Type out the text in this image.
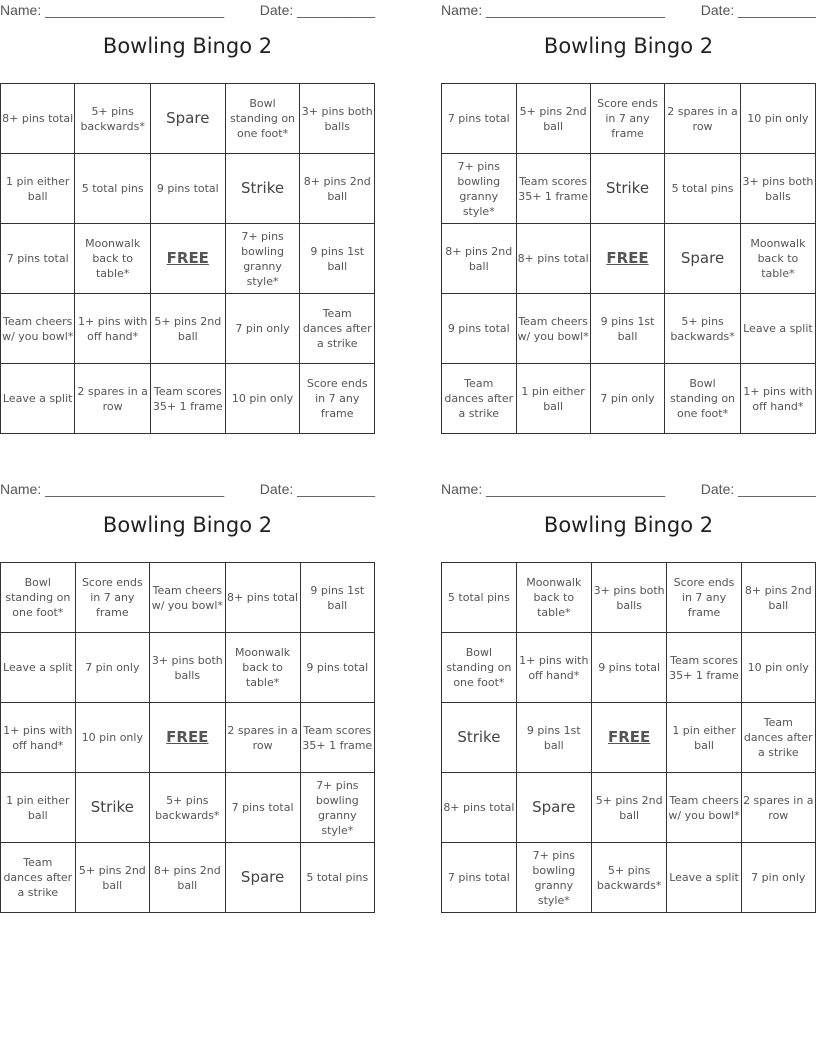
Name: _______________________	Date: __________
Bowling Bingo 2
8+ pins total	5+ pins backwards*	Spare	Bowl standing on one foot*	3+ pins both balls
1 pin either ball	5 total pins	9 pins total	Strike	8+ pins 2nd ball
7 pins total	Moonwalk back to table*	FREE	7+ pins bowling granny style*	9 pins 1st ball
Team cheers w/ you bowl*	1+ pins with off hand*	5+ pins 2nd ball	7 pin only	Team dances after a strike
Leave a split	2 spares in a row	Team scores 35+ 1 frame	10 pin only	Score ends in 7 any frame
Name: _______________________	Date: __________
Bowling Bingo 2
7 pins total	5+ pins 2nd ball	Score ends in 7 any frame	2 spares in a row	10 pin only
7+ pins bowling granny style*	Team scores 35+ 1 frame	Strike	5 total pins	3+ pins both balls
8+ pins 2nd ball	8+ pins total	FREE	Spare	Moonwalk back to table*
9 pins total	Team cheers w/ you bowl*	9 pins 1st ball	5+ pins backwards*	Leave a split
Team dances after a strike	1 pin either ball	7 pin only	Bowl standing on one foot*	1+ pins with off hand*
Name: _______________________	Date: __________
Bowling Bingo 2
Bowl standing on one foot*	Score ends in 7 any frame	Team cheers w/ you bowl*	8+ pins total	9 pins 1st ball
Leave a split	7 pin only	3+ pins both balls	Moonwalk back to table*	9 pins total
1+ pins with off hand*	10 pin only	FREE	2 spares in a row	Team scores 35+ 1 frame
1 pin either ball	Strike	5+ pins backwards*	7 pins total	7+ pins bowling granny style*
Team dances after a strike	5+ pins 2nd ball	8+ pins 2nd ball	Spare	5 total pins
Name: _______________________	Date: __________
Bowling Bingo 2
5 total pins	Moonwalk back to table*	3+ pins both balls	Score ends in 7 any frame	8+ pins 2nd ball
Bowl standing on one foot*	1+ pins with off hand*	9 pins total	Team scores 35+ 1 frame	10 pin only
Strike	9 pins 1st ball	FREE	1 pin either ball	Team dances after a strike
8+ pins total	Spare	5+ pins 2nd ball	Team cheers w/ you bowl*	2 spares in a row
7 pins total	7+ pins bowling granny style*	5+ pins backwards*	Leave a split	7 pin only
